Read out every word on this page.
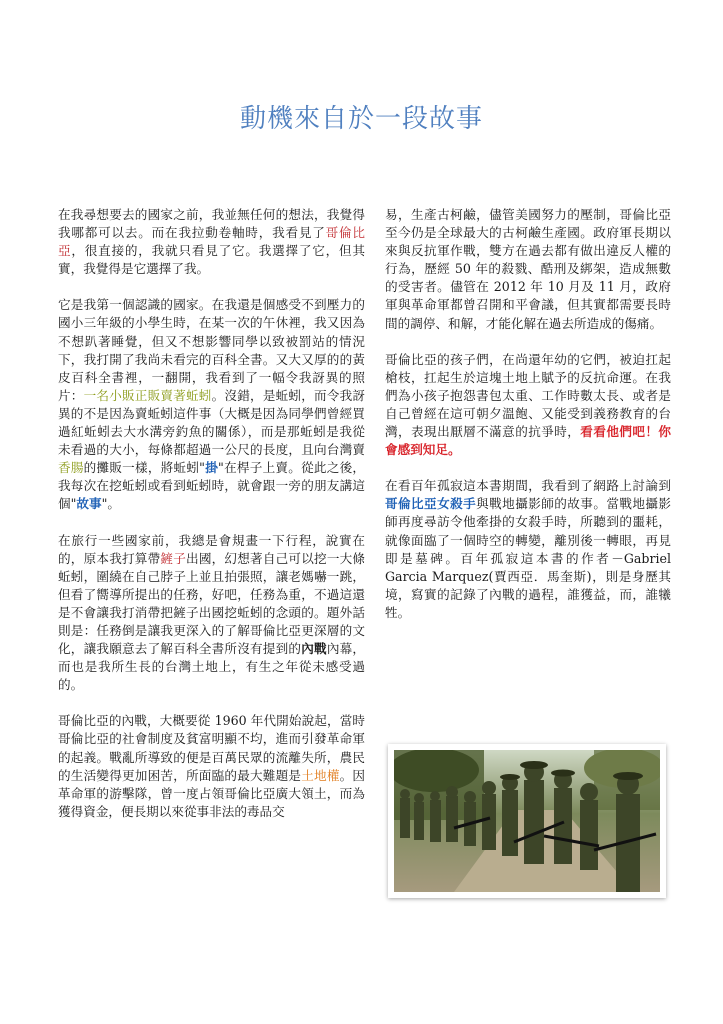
動機來自於一段故事

在我尋想要去的國家之前，我並無任何的想法，我覺得我哪都可以去。而在我拉動卷軸時，我看見了哥倫比亞，很直接的，我就只看見了它。我選擇了它，但其實，我覺得是它選擇了我。

它是我第一個認識的國家。在我還是個感受不到壓力的國小三年級的小學生時，在某一次的午休裡，我又因為不想趴著睡覺，但又不想影響同學以致被罰站的情況下，我打開了我尚未看完的百科全書。又大又厚的的黃皮百科全書裡，一翻開，我看到了一幅令我訝異的照片：一名小販正販賣著蚯蚓。沒錯，是蚯蚓，而令我訝異的不是因為賣蚯蚓這件事（大概是因為同學們曾經買過紅蚯蚓去大水溝旁釣魚的關係），而是那蚯蚓是我從未看過的大小，每條都超過一公尺的長度，且向台灣賣香腸的攤販一樣，將蚯蚓"掛"在桿子上賣。從此之後，我每次在挖蚯蚓或看到蚯蚓時，就會跟一旁的朋友講這個"故事"。

在旅行一些國家前，我總是會規畫一下行程，說實在的，原本我打算帶鏟子出國，幻想著自己可以挖一大條蚯蚓，圍繞在自己脖子上並且拍張照，讓老媽嚇一跳，但看了嚮導所提出的任務，好吧，任務為重，不過這還是不會讓我打消帶把鏟子出國挖蚯蚓的念頭的。題外話則是：任務倒是讓我更深入的了解哥倫比亞更深層的文化，讓我願意去了解百科全書所沒有提到的內戰內幕，而也是我所生長的台灣土地上，有生之年從未感受過的。

哥倫比亞的內戰，大概要從 1960 年代開始說起，當時哥倫比亞的社會制度及貧富明顯不均，進而引發革命軍的起義。戰亂所導致的便是百萬民眾的流離失所，農民的生活變得更加困苦，所面臨的最大難題是土地權。因革命軍的游擊隊，曾一度占領哥倫比亞廣大領土，而為獲得資金，便長期以來從事非法的毒品交

易，生產古柯鹼，儘管美國努力的壓制，哥倫比亞至今仍是全球最大的古柯鹼生產國。政府軍長期以來與反抗軍作戰，雙方在過去都有做出違反人權的行為，歷經 50 年的殺戮、酷刑及綁架，造成無數的受害者。儘管在 2012 年 10 月及 11 月，政府軍與革命軍都曾召開和平會議，但其實都需要長時間的調停、和解，才能化解在過去所造成的傷痛。

哥倫比亞的孩子們，在尚還年幼的它們，被迫扛起槍枝，扛起生於這塊土地上賦予的反抗命運。在我們為小孩子抱怨書包太重、工作時數太長、或者是自己曾經在這可朝夕溫飽、又能受到義務教育的台灣，表現出厭層不滿意的抗爭時，看看他們吧！你會感到知足。

在看百年孤寂這本書期間，我看到了網路上討論到哥倫比亞女殺手與戰地攝影師的故事。當戰地攝影師再度尋訪令他牽掛的女殺手時，所聽到的噩耗，就像面臨了一個時空的轉變，離別後一轉眼，再見即是墓碑。百年孤寂這本書的作者－Gabriel Garcia Marquez(賈西亞．馬奎斯)，則是身歷其境，寫實的記錄了內戰的過程，誰獲益，而，誰犧牲。
